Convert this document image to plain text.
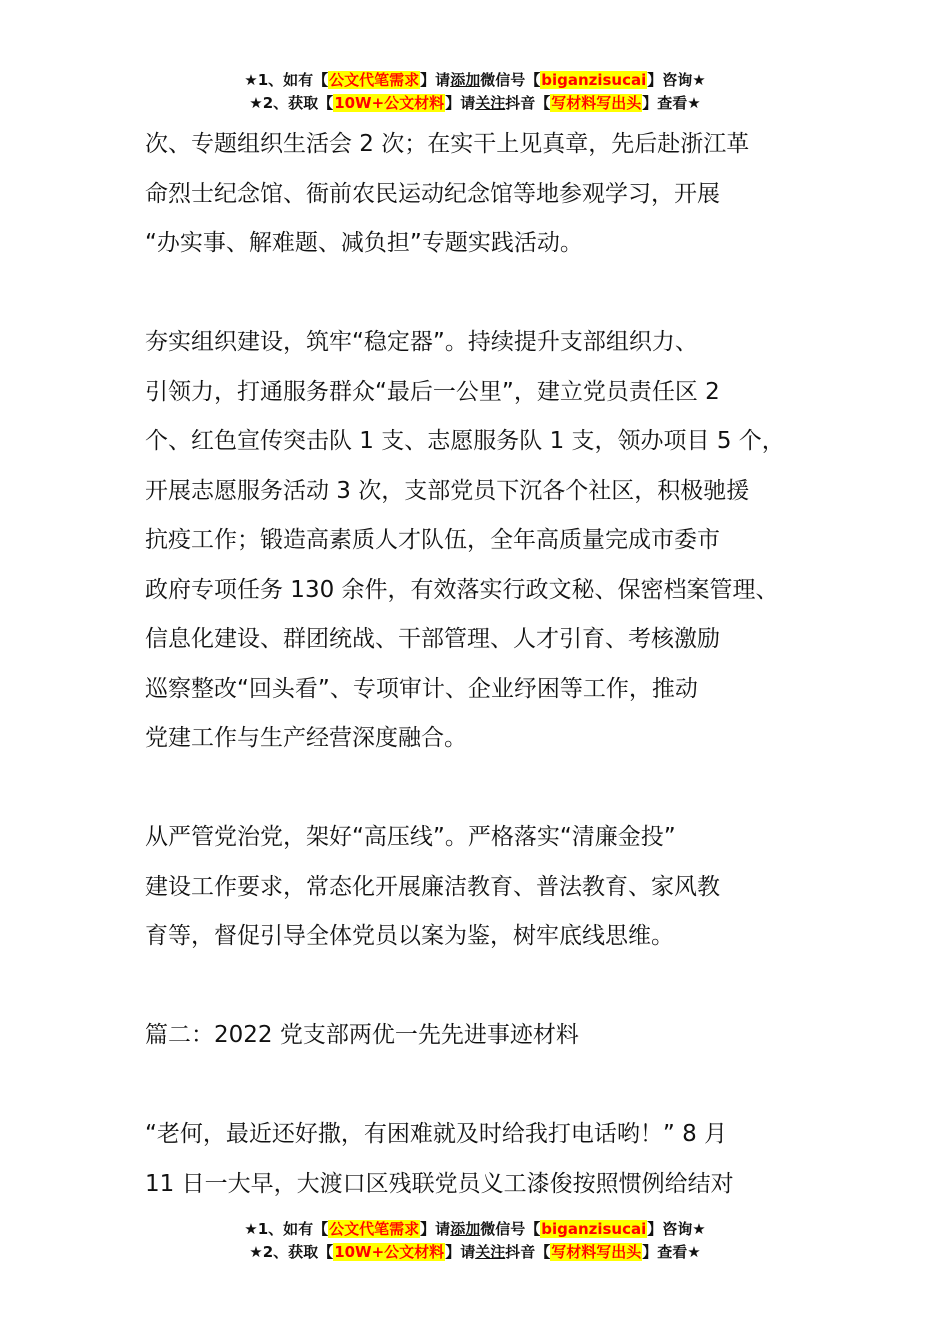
★1、如有【公文代笔需求】请添加微信号【biganzisucai】咨询★
★2、获取【10W+公文材料】请关注抖音【写材料写出头】查看★

次、专题组织生活会 2 次；在实干上见真章，先后赴浙江革

命烈士纪念馆、衙前农民运动纪念馆等地参观学习，开展

“办实事、解难题、减负担”专题实践活动。

夯实组织建设，筑牢“稳定器”。持续提升支部组织力、

引领力，打通服务群众“最后一公里”，建立党员责任区 2

个、红色宣传突击队 1 支、志愿服务队 1 支，领办项目 5 个，

开展志愿服务活动 3 次，支部党员下沉各个社区，积极驰援

抗疫工作；锻造高素质人才队伍，全年高质量完成市委市

政府专项任务 130 余件，有效落实行政文秘、保密档案管理、

信息化建设、群团统战、干部管理、人才引育、考核激励

巡察整改“回头看”、专项审计、企业纾困等工作，推动

党建工作与生产经营深度融合。

从严管党治党，架好“高压线”。严格落实“清廉金投”

建设工作要求，常态化开展廉洁教育、普法教育、家风教

育等，督促引导全体党员以案为鉴，树牢底线思维。

篇二：2022 党支部两优一先先进事迹材料

“老何，最近还好撒，有困难就及时给我打电话哟！” 8 月

11 日一大早，大渡口区残联党员义工漆俊按照惯例给结对

★1、如有【公文代笔需求】请添加微信号【biganzisucai】咨询★
★2、获取【10W+公文材料】请关注抖音【写材料写出头】查看★
